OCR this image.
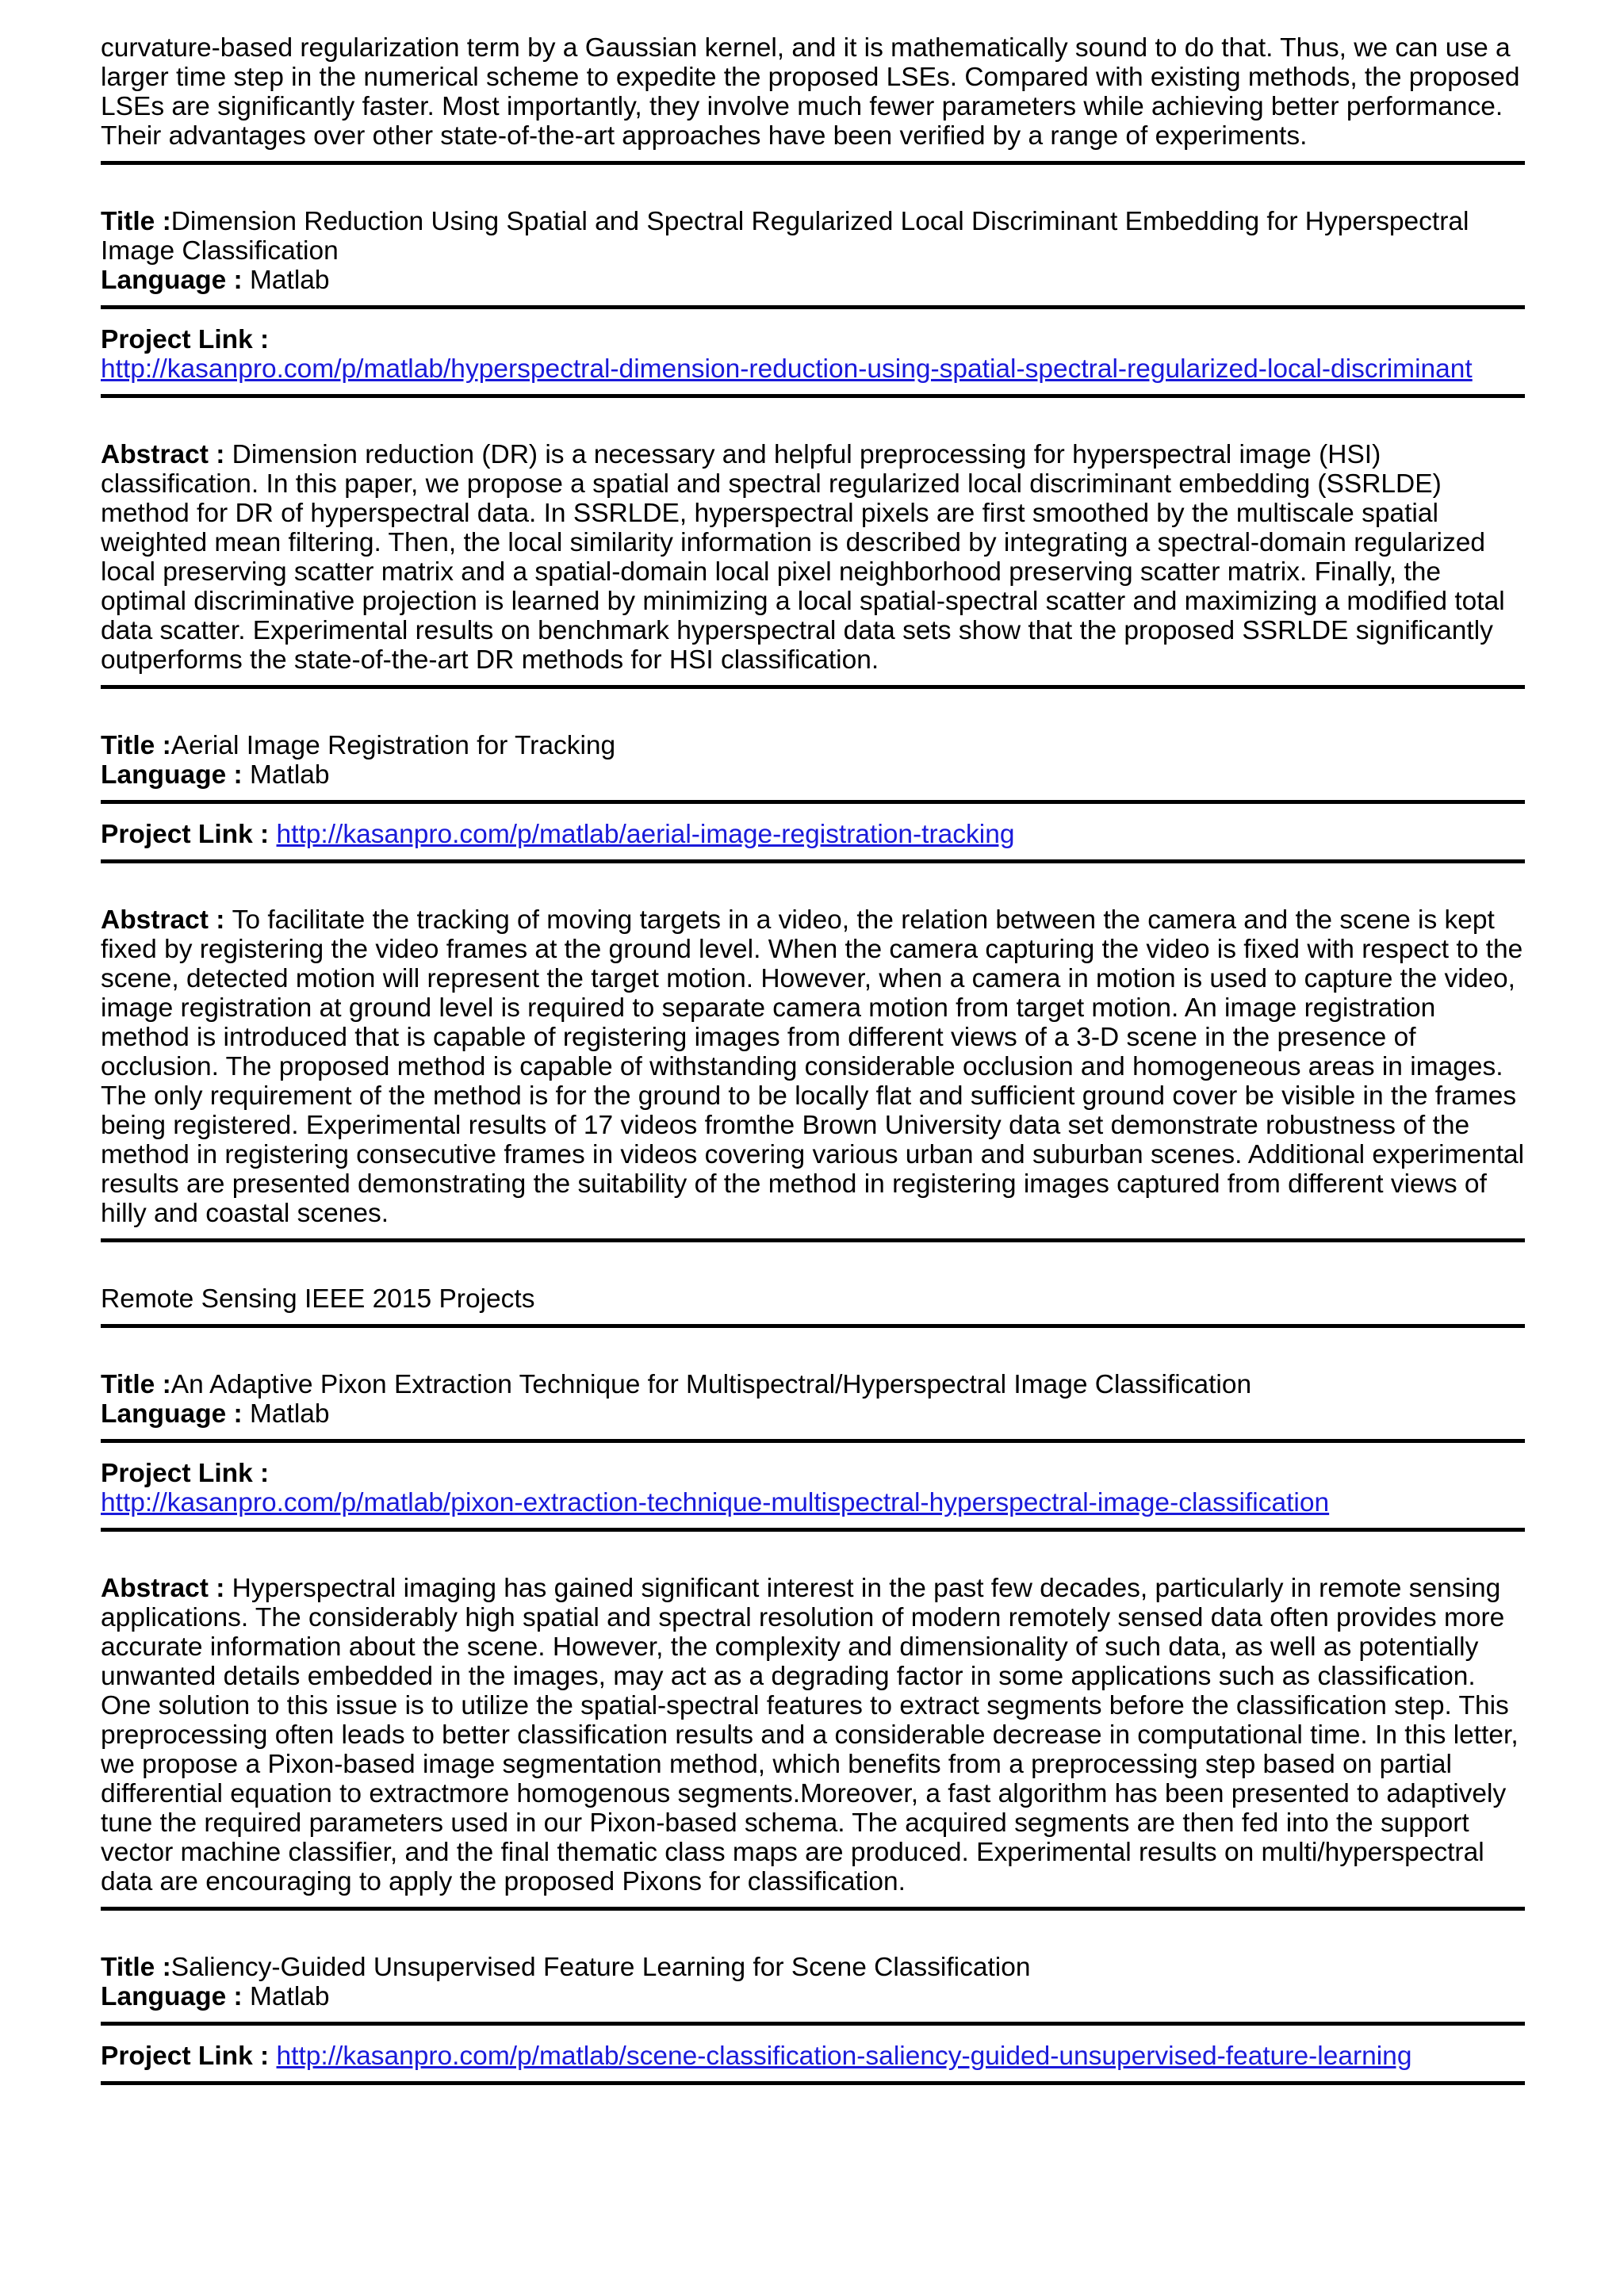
curvature-based regularization term by a Gaussian kernel, and it is mathematically sound to do that. Thus, we can use a larger time step in the numerical scheme to expedite the proposed LSEs. Compared with existing methods, the proposed LSEs are significantly faster. Most importantly, they involve much fewer parameters while achieving better performance. Their advantages over other state-of-the-art approaches have been verified by a range of experiments.

Title :Dimension Reduction Using Spatial and Spectral Regularized Local Discriminant Embedding for Hyperspectral Image Classification

Language : Matlab

Project Link :
http://kasanpro.com/p/matlab/hyperspectral-dimension-reduction-using-spatial-spectral-regularized-local-discriminant

Abstract : Dimension reduction (DR) is a necessary and helpful preprocessing for hyperspectral image (HSI) classification. In this paper, we propose a spatial and spectral regularized local discriminant embedding (SSRLDE) method for DR of hyperspectral data. In SSRLDE, hyperspectral pixels are first smoothed by the multiscale spatial weighted mean filtering. Then, the local similarity information is described by integrating a spectral-domain regularized local preserving scatter matrix and a spatial-domain local pixel neighborhood preserving scatter matrix. Finally, the optimal discriminative projection is learned by minimizing a local spatial-spectral scatter and maximizing a modified total data scatter. Experimental results on benchmark hyperspectral data sets show that the proposed SSRLDE significantly outperforms the state-of-the-art DR methods for HSI classification.

Title :Aerial Image Registration for Tracking

Language : Matlab

Project Link : http://kasanpro.com/p/matlab/aerial-image-registration-tracking

Abstract : To facilitate the tracking of moving targets in a video, the relation between the camera and the scene is kept fixed by registering the video frames at the ground level. When the camera capturing the video is fixed with respect to the scene, detected motion will represent the target motion. However, when a camera in motion is used to capture the video, image registration at ground level is required to separate camera motion from target motion. An image registration method is introduced that is capable of registering images from different views of a 3-D scene in the presence of occlusion. The proposed method is capable of withstanding considerable occlusion and homogeneous areas in images. The only requirement of the method is for the ground to be locally flat and sufficient ground cover be visible in the frames being registered. Experimental results of 17 videos fromthe Brown University data set demonstrate robustness of the method in registering consecutive frames in videos covering various urban and suburban scenes. Additional experimental results are presented demonstrating the suitability of the method in registering images captured from different views of hilly and coastal scenes.

Remote Sensing IEEE 2015 Projects

Title :An Adaptive Pixon Extraction Technique for Multispectral/Hyperspectral Image Classification

Language : Matlab

Project Link :
http://kasanpro.com/p/matlab/pixon-extraction-technique-multispectral-hyperspectral-image-classification

Abstract : Hyperspectral imaging has gained significant interest in the past few decades, particularly in remote sensing applications. The considerably high spatial and spectral resolution of modern remotely sensed data often provides more accurate information about the scene. However, the complexity and dimensionality of such data, as well as potentially unwanted details embedded in the images, may act as a degrading factor in some applications such as classification. One solution to this issue is to utilize the spatial-spectral features to extract segments before the classification step. This preprocessing often leads to better classification results and a considerable decrease in computational time. In this letter, we propose a Pixon-based image segmentation method, which benefits from a preprocessing step based on partial differential equation to extractmore homogenous segments.Moreover, a fast algorithm has been presented to adaptively tune the required parameters used in our Pixon-based schema. The acquired segments are then fed into the support vector machine classifier, and the final thematic class maps are produced. Experimental results on multi/hyperspectral data are encouraging to apply the proposed Pixons for classification.

Title :Saliency-Guided Unsupervised Feature Learning for Scene Classification

Language : Matlab

Project Link : http://kasanpro.com/p/matlab/scene-classification-saliency-guided-unsupervised-feature-learning
